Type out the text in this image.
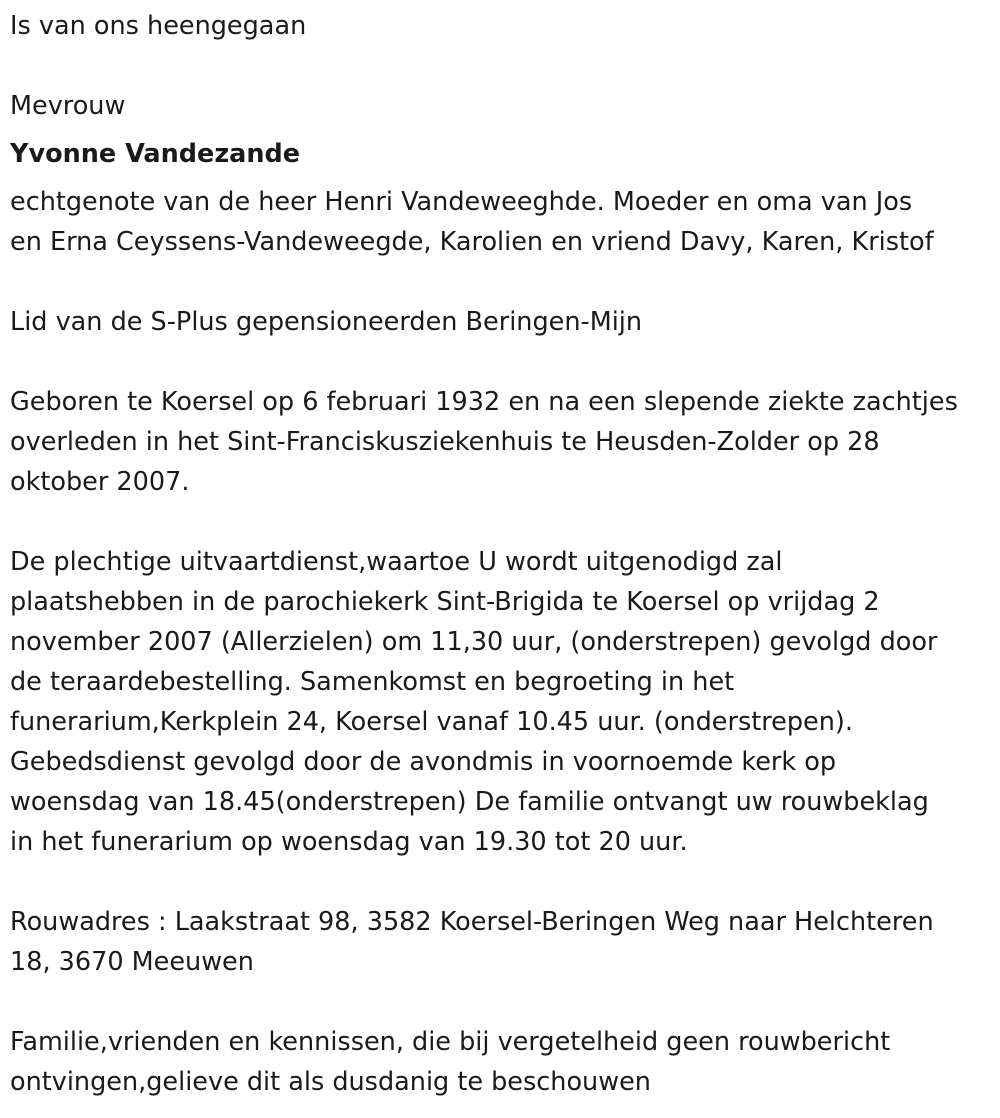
Is van ons heengegaan

Mevrouw

Yvonne Vandezande

echtgenote van de heer Henri Vandeweeghde. Moeder en oma van Jos
en Erna Ceyssens-Vandeweegde, Karolien en vriend Davy, Karen, Kristof

Lid van de S-Plus gepensioneerden Beringen-Mijn

Geboren te Koersel op 6 februari 1932 en na een slepende ziekte zachtjes
overleden in het Sint-Franciskusziekenhuis te Heusden-Zolder op 28
oktober 2007.

De plechtige uitvaartdienst,waartoe U wordt uitgenodigd zal
plaatshebben in de parochiekerk Sint-Brigida te Koersel op vrijdag 2
november 2007 (Allerzielen) om 11,30 uur, (onderstrepen) gevolgd door
de teraardebestelling. Samenkomst en begroeting in het
funerarium,Kerkplein 24, Koersel vanaf 10.45 uur. (onderstrepen).
Gebedsdienst gevolgd door de avondmis in voornoemde kerk op
woensdag van 18.45(onderstrepen) De familie ontvangt uw rouwbeklag
in het funerarium op woensdag van 19.30 tot 20 uur.

Rouwadres : Laakstraat 98, 3582 Koersel-Beringen Weg naar Helchteren
18, 3670 Meeuwen

Familie,vrienden en kennissen, die bij vergetelheid geen rouwbericht
ontvingen,gelieve dit als dusdanig te beschouwen
